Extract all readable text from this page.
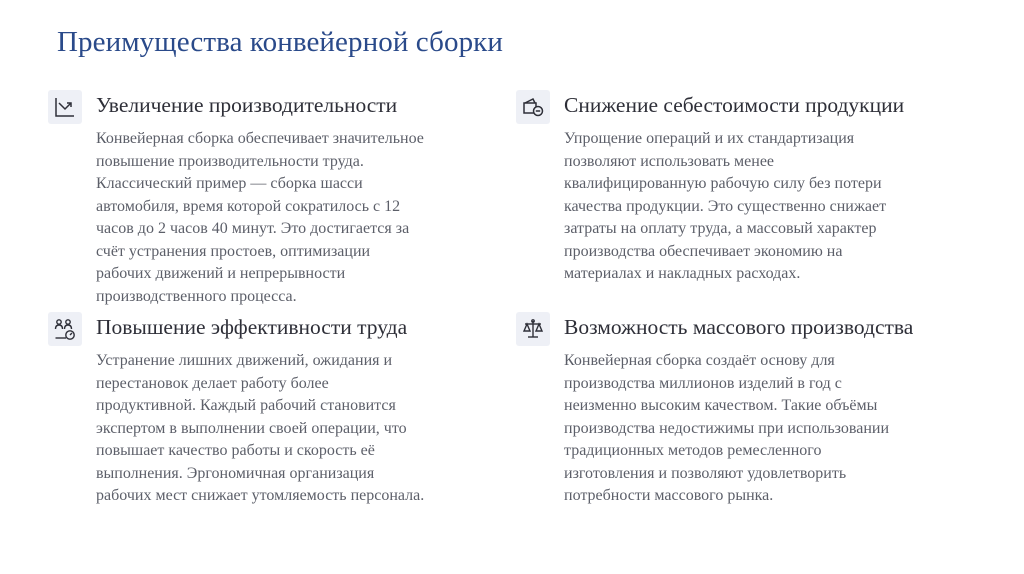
Преимущества конвейерной сборки
Увеличение производительности

Конвейерная сборка обеспечивает значительное
повышение производительности труда.
Классический пример — сборка шасси
автомобиля, время которой сократилось с 12
часов до 2 часов 40 минут. Это достигается за
счёт устранения простоев, оптимизации
рабочих движений и непрерывности
производственного процесса.

Снижение себестоимости продукции

Упрощение операций и их стандартизация
позволяют использовать менее
квалифицированную рабочую силу без потери
качества продукции. Это существенно снижает
затраты на оплату труда, а массовый характер
производства обеспечивает экономию на
материалах и накладных расходах.

Повышение эффективности труда

Устранение лишних движений, ожидания и
перестановок делает работу более
продуктивной. Каждый рабочий становится
экспертом в выполнении своей операции, что
повышает качество работы и скорость её
выполнения. Эргономичная организация
рабочих мест снижает утомляемость персонала.

Возможность массового производства

Конвейерная сборка создаёт основу для
производства миллионов изделий в год с
неизменно высоким качеством. Такие объёмы
производства недостижимы при использовании
традиционных методов ремесленного
изготовления и позволяют удовлетворить
потребности массового рынка.
